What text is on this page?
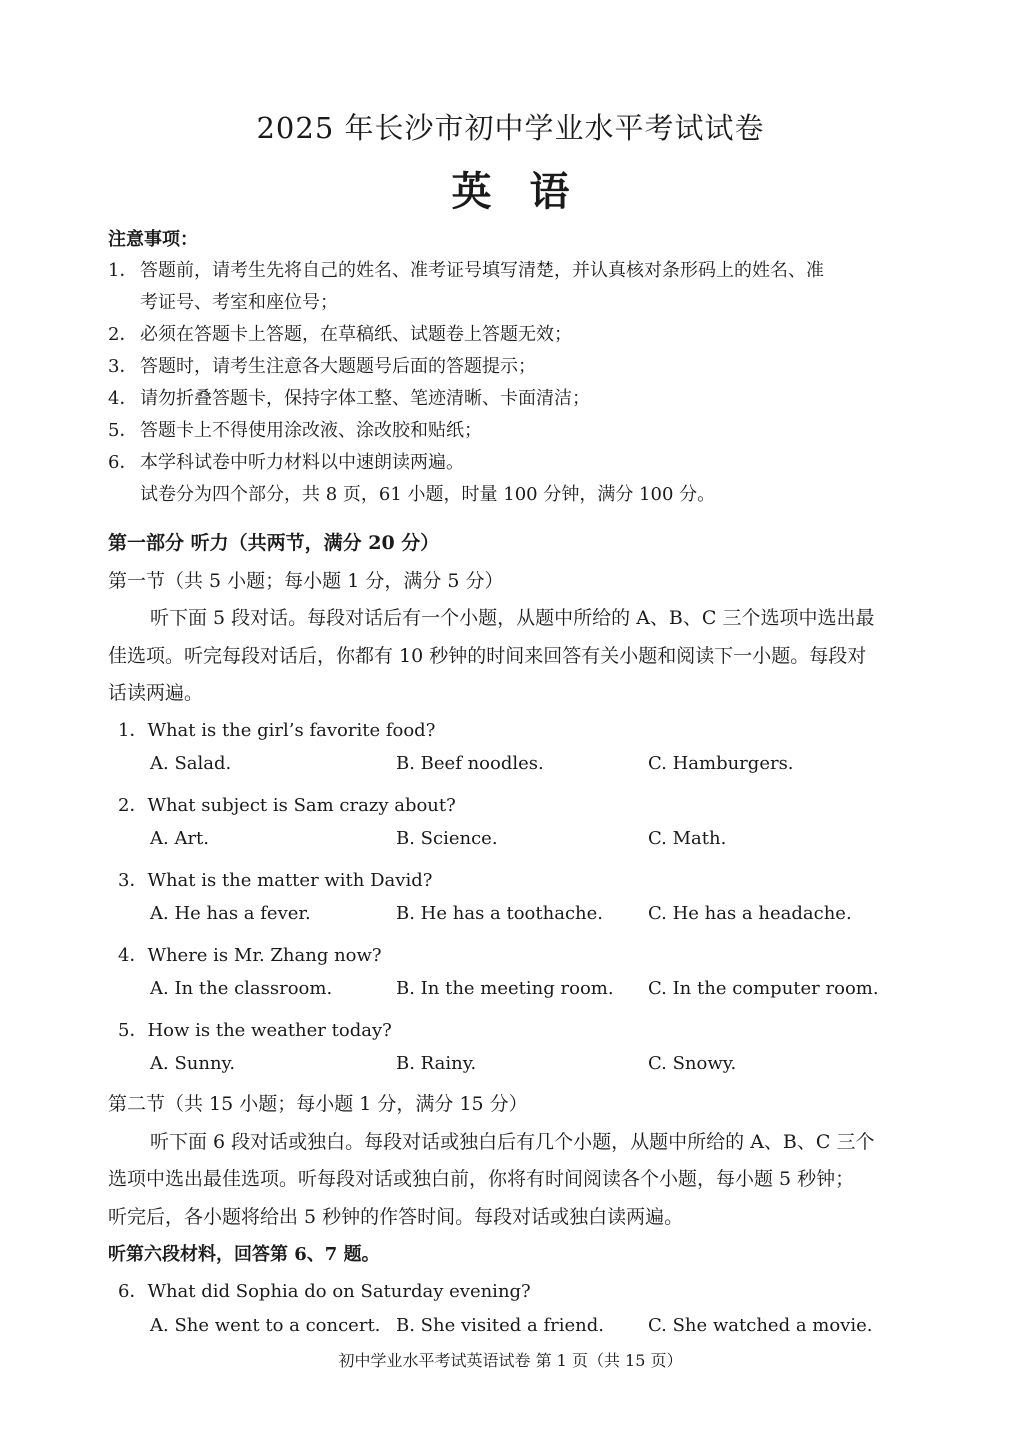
2025 年长沙市初中学业水平考试试卷
英语
注意事项：
1． 答题前，请考生先将自己的姓名、准考证号填写清楚，并认真核对条形码上的姓名、准
考证号、考室和座位号；
2． 必须在答题卡上答题，在草稿纸、试题卷上答题无效；
3． 答题时，请考生注意各大题题号后面的答题提示；
4． 请勿折叠答题卡，保持字体工整、笔迹清晰、卡面清洁；
5． 答题卡上不得使用涂改液、涂改胶和贴纸；
6． 本学科试卷中听力材料以中速朗读两遍。
试卷分为四个部分，共 8 页，61 小题，时量 100 分钟，满分 100 分。
第一部分 听力（共两节，满分 20 分）
第一节（共 5 小题；每小题 1 分，满分 5 分）
听下面 5 段对话。每段对话后有一个小题，从题中所给的 A、B、C 三个选项中选出最
佳选项。听完每段对话后，你都有 10 秒钟的时间来回答有关小题和阅读下一小题。每段对
话读两遍。
1．What is the girl’s favorite food?
A. Salad.	B. Beef noodles.	C. Hamburgers.
2．What subject is Sam crazy about?
A. Art.	B. Science.	C. Math.
3．What is the matter with David?
A. He has a fever.	B. He has a toothache.	C. He has a headache.
4．Where is Mr. Zhang now?
A. In the classroom.	B. In the meeting room. C. In the computer room.
5．How is the weather today?
A. Sunny.	B. Rainy.	C. Snowy.
第二节（共 15 小题；每小题 1 分，满分 15 分）
听下面 6 段对话或独白。每段对话或独白后有几个小题，从题中所给的 A、B、C 三个
选项中选出最佳选项。听每段对话或独白前，你将有时间阅读各个小题，每小题 5 秒钟；
听完后，各小题将给出 5 秒钟的作答时间。每段对话或独白读两遍。
听第六段材料，回答第 6、7 题。
6．What did Sophia do on Saturday evening?
A. She went to a concert. B. She visited a friend. C. She watched a movie.
初中学业水平考试英语试卷 第 1 页（共 15 页）
